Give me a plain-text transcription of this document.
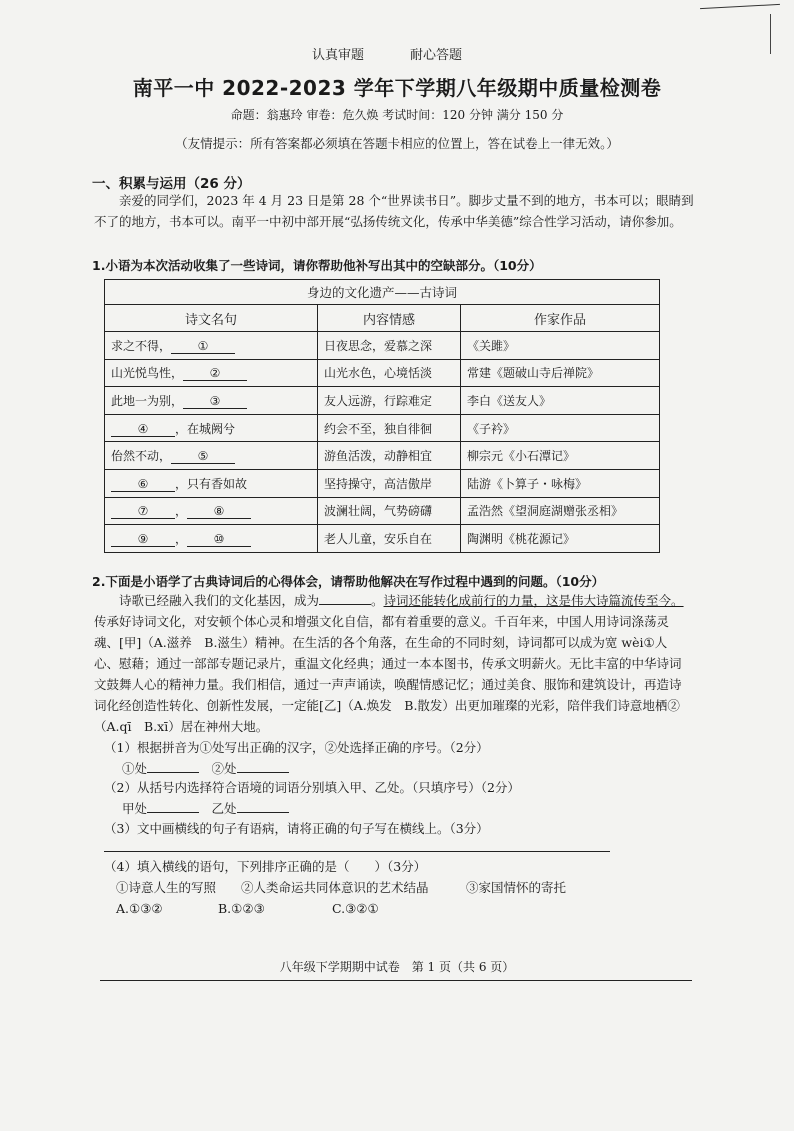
认真审题	耐心答题
南平一中 2022-2023 学年下学期八年级期中质量检测卷
命题：翁惠玲 审卷：危久焕 考试时间：120 分钟 满分 150 分
（友情提示：所有答案都必须填在答题卡相应的位置上，答在试卷上一律无效。）
一、积累与运用（26 分）
亲爱的同学们，2023 年 4 月 23 日是第 28 个“世界读书日”。脚步丈量不到的地方，书本可以；眼睛到不了的地方，书本可以。南平一中初中部开展“弘扬传统文化，传承中华美德”综合性学习活动，请你参加。
1.小语为本次活动收集了一些诗词，请你帮助他补写出其中的空缺部分。（10分）
身边的文化遗产——古诗词		
诗文名句	内容情感	作家作品
求之不得， ①	日夜思念，爱慕之深	《关雎》
山光悦鸟性， ②	山光水色，心境恬淡	常建《题破山寺后禅院》
此地一为别， ③	友人远游，行踪难定	李白《送友人》
④ ，在城阙兮	约会不至，独自徘徊	《子衿》
佁然不动， ⑤	游鱼活泼，动静相宜	柳宗元《小石潭记》
⑥ ，只有香如故	坚持操守，高洁傲岸	陆游《卜算子・咏梅》
⑦ ， ⑧	波澜壮阔，气势磅礴	孟浩然《望洞庭湖赠张丞相》
⑨ ， ⑩	老人儿童，安乐自在	陶渊明《桃花源记》
2.下面是小语学了古典诗词后的心得体会，请帮助他解决在写作过程中遇到的问题。（10分）
诗歌已经融入我们的文化基因，成为	。诗词还能转化成前行的力量，这是伟大诗篇流传至今。传承好诗词文化，对安顿个体心灵和增强文化自信，都有着重要的意义。千百年来，中国人用诗词涤荡灵魂、[甲]（A.滋养　B.滋生）精神。在生活的各个角落，在生命的不同时刻，诗词都可以成为宽 wèi①人心、慰藉；通过一部部专题记录片，重温文化经典；通过一本本图书，传承文明薪火。无比丰富的中华诗词文鼓舞人心的精神力量。我们相信，通过一声声诵读，唤醒情感记忆；通过美食、服饰和建筑设计，再造诗词化经创造性转化、创新性发展，一定能[乙]（A.焕发　B.散发）出更加璀璨的光彩，陪伴我们诗意地栖②（A.qī　B.xī）居在神州大地。
（1）根据拼音为①处写出正确的汉字，②处选择正确的序号。（2分）
①处　	②处
（2）从括号内选择符合语境的词语分别填入甲、乙处。（只填序号）（2分）
甲处　	乙处
（3）文中画横线的句子有语病，请将正确的句子写在横线上。（3分）
（4）填入横线的语句，下列排序正确的是（　　）（3分）
①诗意人生的写照　　②人类命运共同体意识的艺术结晶　　　③家国情怀的寄托
A.①③②	B.①②③	C.③②①
八年级下学期期中试卷　第 1 页（共 6 页）
